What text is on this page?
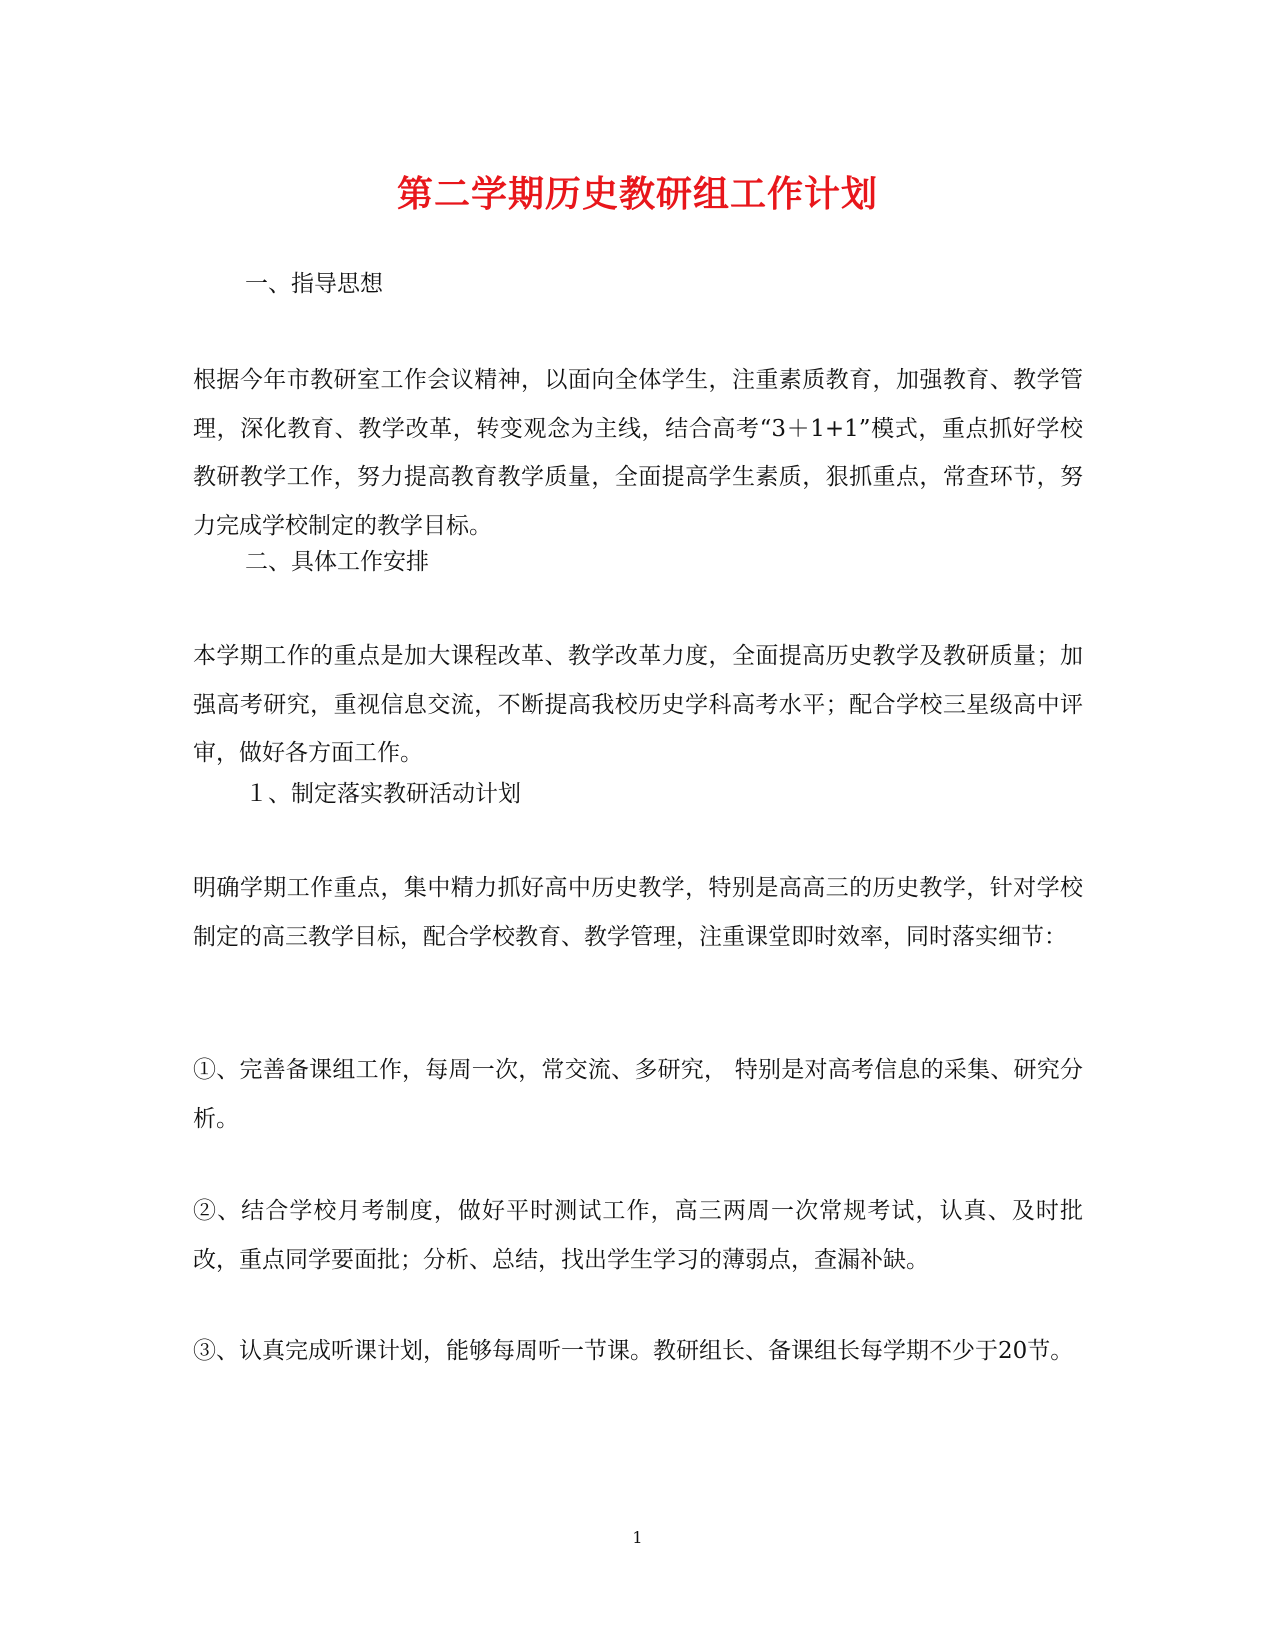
第二学期历史教研组工作计划
一、指导思想
根据今年市教研室工作会议精神，以面向全体学生，注重素质教育，加强教育、教学管理，深化教育、教学改革，转变观念为主线，结合高考“3＋1+1”模式，重点抓好学校教研教学工作，努力提高教育教学质量，全面提高学生素质，狠抓重点，常查环节，努力完成学校制定的教学目标。
二、具体工作安排
本学期工作的重点是加大课程改革、教学改革力度，全面提高历史教学及教研质量；加强高考研究，重视信息交流，不断提高我校历史学科高考水平；配合学校三星级高中评审，做好各方面工作。
１、制定落实教研活动计划
明确学期工作重点，集中精力抓好高中历史教学，特别是高高三的历史教学，针对学校制定的高三教学目标，配合学校教育、教学管理，注重课堂即时效率，同时落实细节：
①、完善备课组工作，每周一次，常交流、多研究， 特别是对高考信息的采集、研究分析。
②、结合学校月考制度，做好平时测试工作，高三两周一次常规考试，认真、及时批改，重点同学要面批；分析、总结，找出学生学习的薄弱点，查漏补缺。
③、认真完成听课计划，能够每周听一节课。教研组长、备课组长每学期不少于20节。
1
